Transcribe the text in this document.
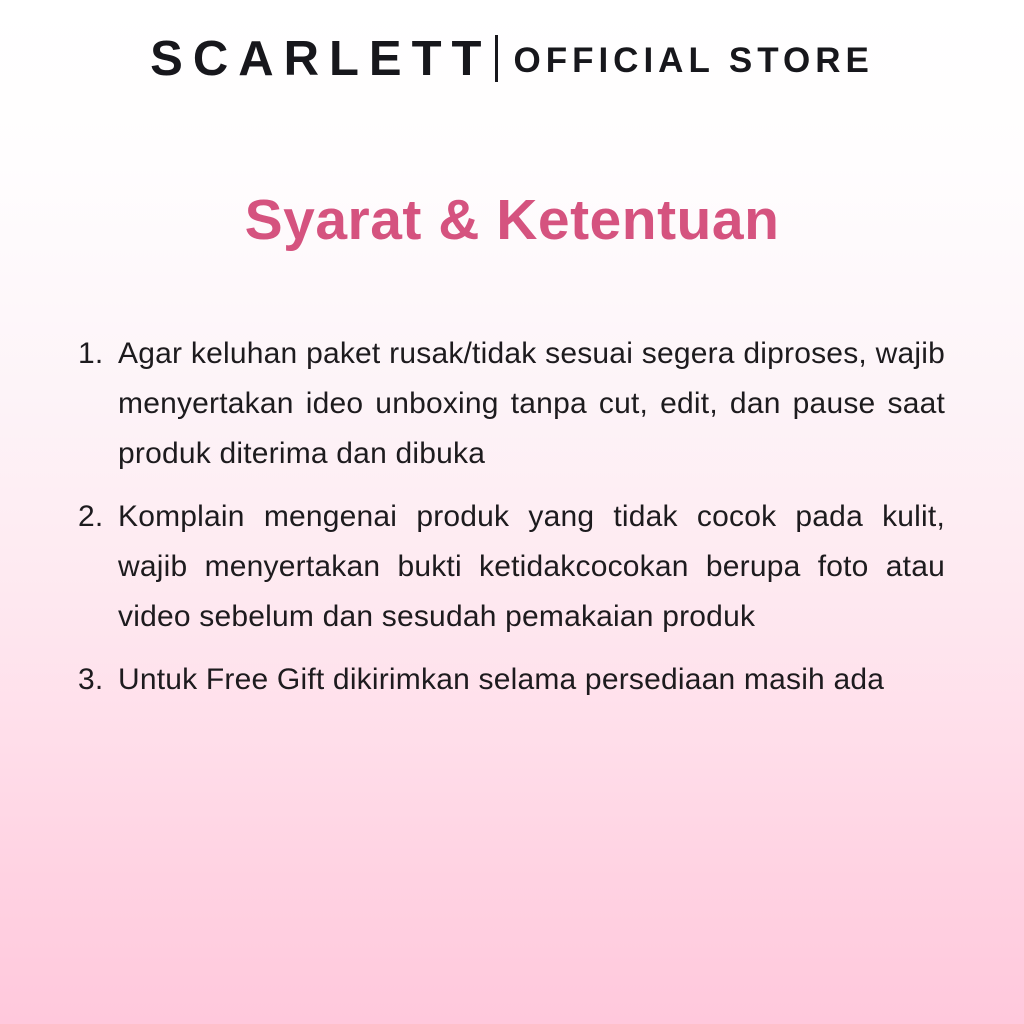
SCARLETT OFFICIAL STORE
Syarat & Ketentuan
1. Agar keluhan paket rusak/tidak sesuai segera diproses, wajib menyertakan ideo unboxing tanpa cut, edit, dan pause saat produk diterima dan dibuka
2. Komplain mengenai produk yang tidak cocok pada kulit, wajib menyertakan bukti ketidakcocokan berupa foto atau video sebelum dan sesudah pemakaian produk
3. Untuk Free Gift dikirimkan selama persediaan masih ada
